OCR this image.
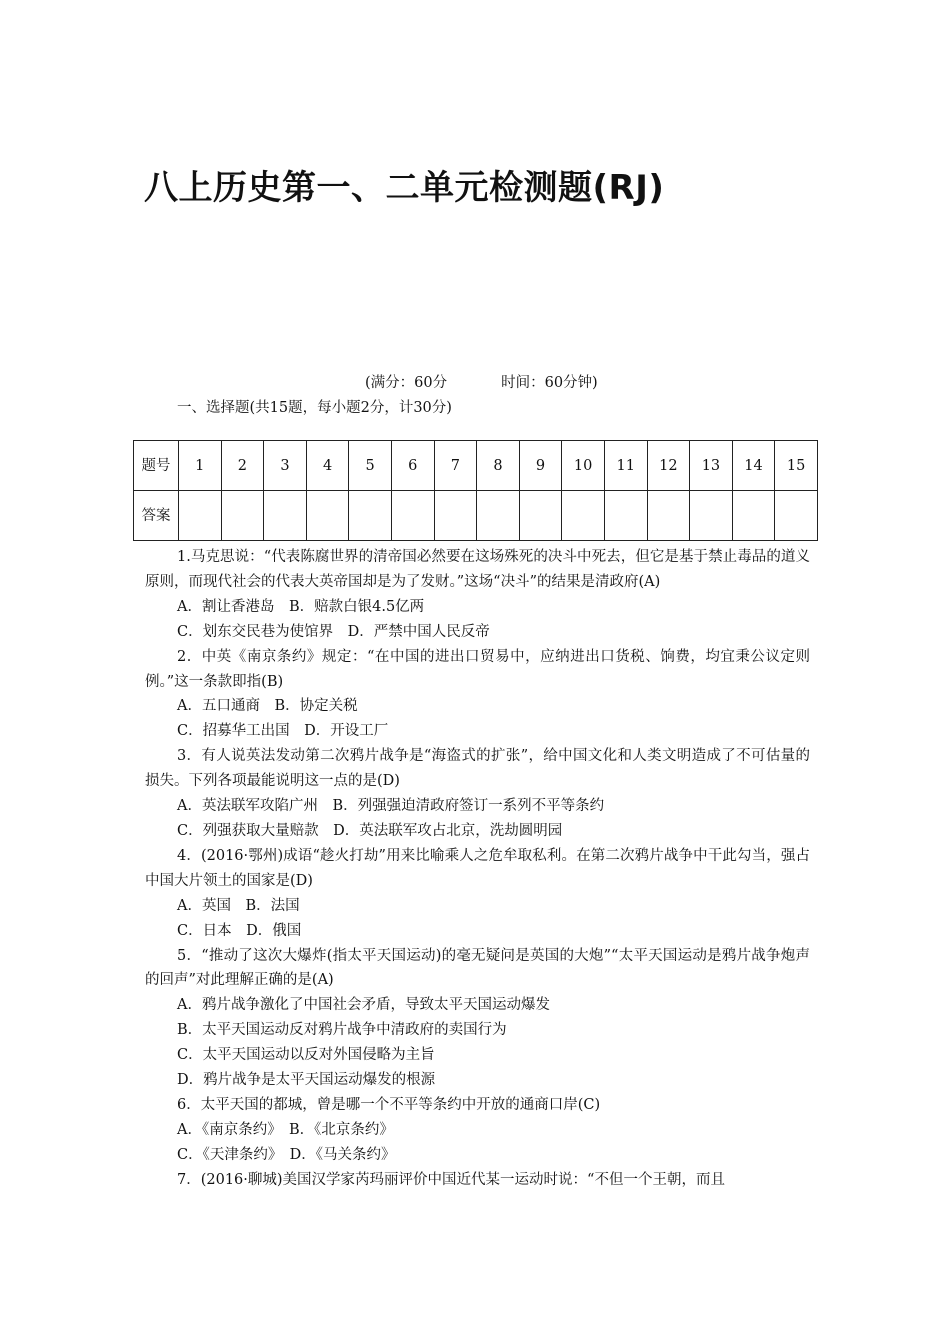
八上历史第一、二单元检测题(RJ)
(满分：60分	时间：60分钟)
一、选择题(共15题，每小题2分，计30分)
题号	1	2	3	4	5	6	7	8	9	10	11	12	13	14	15
答案															

1.马克思说：“代表陈腐世界的清帝国必然要在这场殊死的决斗中死去，但它是基于禁止毒品的道义原则，而现代社会的代表大英帝国却是为了发财。”这场“决斗”的结果是清政府(A)

A．割让香港岛　B．赔款白银4.5亿两

C．划东交民巷为使馆界　D．严禁中国人民反帝

2．中英《南京条约》规定：“在中国的进出口贸易中，应纳进出口货税、饷费，均宜秉公议定则例。”这一条款即指(B)

A．五口通商　B．协定关税

C．招募华工出国　D．开设工厂

3．有人说英法发动第二次鸦片战争是“海盗式的扩张”，给中国文化和人类文明造成了不可估量的损失。下列各项最能说明这一点的是(D)

A．英法联军攻陷广州　B．列强强迫清政府签订一系列不平等条约

C．列强获取大量赔款　D．英法联军攻占北京，洗劫圆明园

4．(2016·鄂州)成语“趁火打劫”用来比喻乘人之危牟取私利。在第二次鸦片战争中干此勾当，强占中国大片领土的国家是(D)

A．英国　B．法国

C．日本　D．俄国

5．“推动了这次大爆炸(指太平天国运动)的毫无疑问是英国的大炮”“太平天国运动是鸦片战争炮声的回声”对此理解正确的是(A)

A．鸦片战争激化了中国社会矛盾，导致太平天国运动爆发

B．太平天国运动反对鸦片战争中清政府的卖国行为

C．太平天国运动以反对外国侵略为主旨

D．鸦片战争是太平天国运动爆发的根源

6．太平天国的都城，曾是哪一个不平等条约中开放的通商口岸(C)

A．《南京条约》　B．《北京条约》

C．《天津条约》　D．《马关条约》

7．(2016·聊城)美国汉学家芮玛丽评价中国近代某一运动时说：“不但一个王朝，而且
